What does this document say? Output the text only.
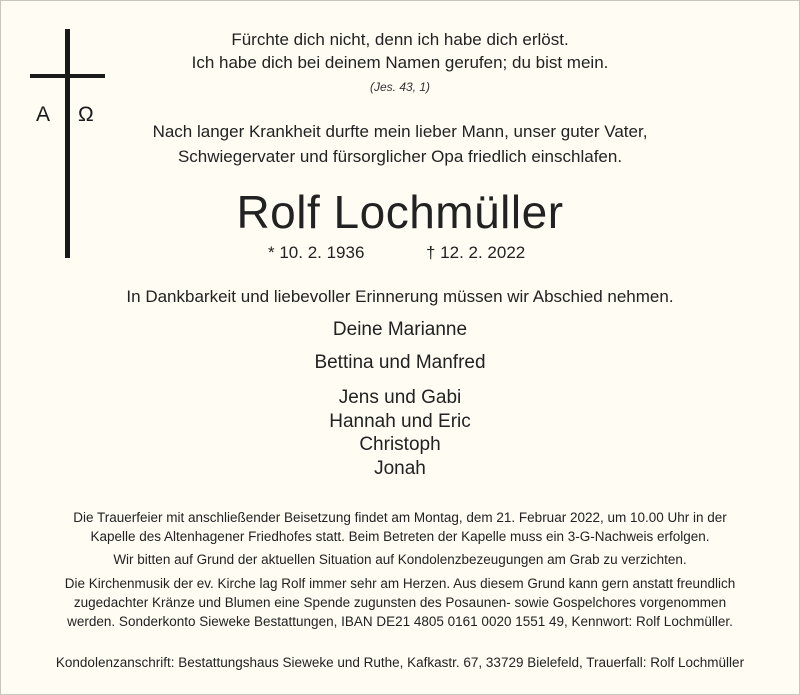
Α Ω
Fürchte dich nicht, denn ich habe dich erlöst.
Ich habe dich bei deinem Namen gerufen; du bist mein.
(Jes. 43, 1)
Nach langer Krankheit durfte mein lieber Mann, unser guter Vater,
Schwiegervater und fürsorglicher Opa friedlich einschlafen.
Rolf Lochmüller
* 10. 2. 1936	† 12. 2. 2022
In Dankbarkeit und liebevoller Erinnerung müssen wir Abschied nehmen.
Deine Marianne
Bettina und Manfred
Jens und Gabi
Hannah und Eric
Christoph
Jonah
Die Trauerfeier mit anschließender Beisetzung findet am Montag, dem 21. Februar 2022, um 10.00 Uhr in der
Kapelle des Altenhagener Friedhofes statt. Beim Betreten der Kapelle muss ein 3-G-Nachweis erfolgen.
Wir bitten auf Grund der aktuellen Situation auf Kondolenzbezeugungen am Grab zu verzichten.
Die Kirchenmusik der ev. Kirche lag Rolf immer sehr am Herzen. Aus diesem Grund kann gern anstatt freundlich
zugedachter Kränze und Blumen eine Spende zugunsten des Posaunen- sowie Gospelchores vorgenommen
werden. Sonderkonto Sieweke Bestattungen, IBAN DE21 4805 0161 0020 1551 49, Kennwort: Rolf Lochmüller.
Kondolenzanschrift: Bestattungshaus Sieweke und Ruthe, Kafkastr. 67, 33729 Bielefeld, Trauerfall: Rolf Lochmüller
